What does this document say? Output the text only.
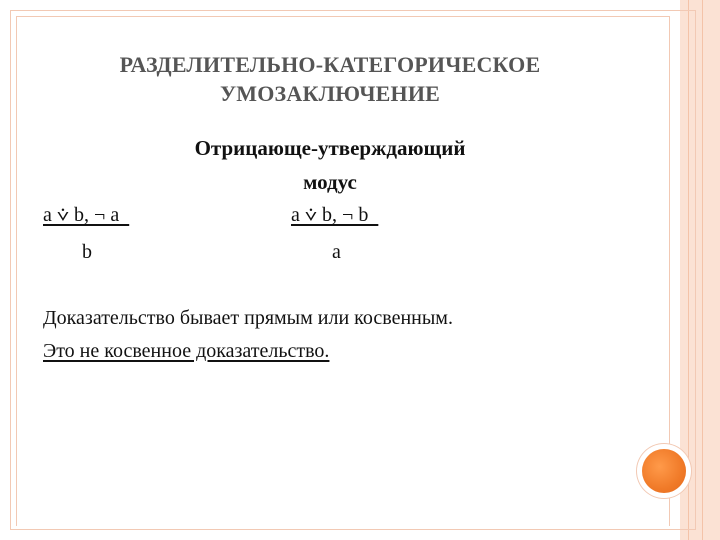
РАЗДЕЛИТЕЛЬНО-КАТЕГОРИЧЕСКОЕ
УМОЗАКЛЮЧЕНИЕ
Отрицающе-утверждающий
модус
a ⩒ b, ¬ a
b
a ⩒ b, ¬ b
a
Доказательство бывает прямым или косвенным.
Это не косвенное доказательство.
